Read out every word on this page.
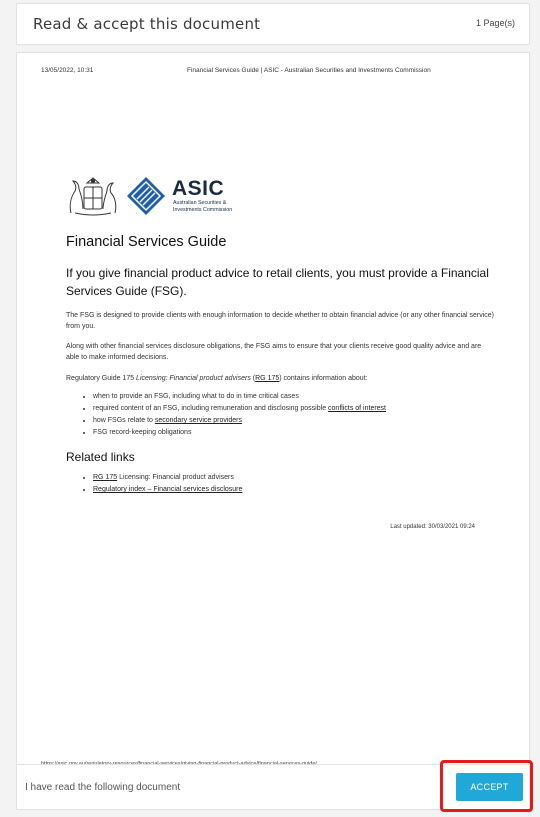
Read & accept this document	1 Page(s)
13/05/2022, 10:31	Financial Services Guide | ASIC - Australian Securities and Investments Commission
ASIC
Australian Securities &
Investments Commission
Financial Services Guide
If you give financial product advice to retail clients, you must provide a Financial Services Guide (FSG).
The FSG is designed to provide clients with enough information to decide whether to obtain financial advice (or any other financial service) from you.
Along with other financial services disclosure obligations, the FSG aims to ensure that your clients receive good quality advice and are able to make informed decisions.
Regulatory Guide 175 Licensing: Financial product advisers (RG 175) contains information about:
• when to provide an FSG, including what to do in time critical cases
• required content of an FSG, including remuneration and disclosing possible conflicts of interest
• how FSGs relate to secondary service providers
• FSG record-keeping obligations
Related links
• RG 175 Licensing: Financial product advisers
• Regulatory index – Financial services disclosure
Last updated: 30/03/2021 09:24
I have read the following document	ACCEPT
